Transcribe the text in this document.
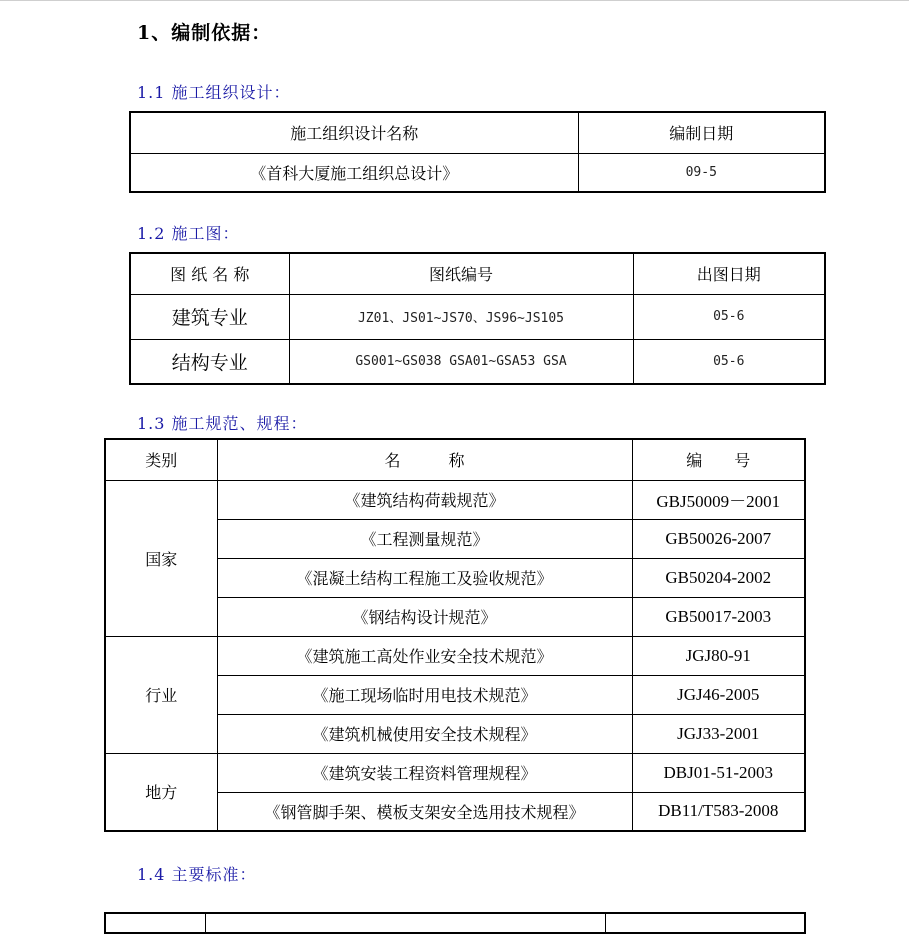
1、编制依据：
1.1 施工组织设计：
施工组织设计名称	编制日期
《首科大厦施工组织总设计》	09-5
1.2 施工图：
图 纸 名 称	图纸编号	出图日期
建筑专业	JZ01、JS01~JS70、JS96~JS105	05-6
结构专业	GS001~GS038 GSA01~GSA53 GSA	05-6
1.3 施工规范、规程：
类别	名　　　称	编　　号
国家	《建筑结构荷载规范》	GBJ50009－2001
	《工程测量规范》	GB50026-2007
	《混凝土结构工程施工及验收规范》	GB50204-2002
	《钢结构设计规范》	GB50017-2003
行业	《建筑施工高处作业安全技术规范》	JGJ80-91
	《施工现场临时用电技术规范》	JGJ46-2005
	《建筑机械使用安全技术规程》	JGJ33-2001
地方	《建筑安装工程资料管理规程》	DBJ01-51-2003
	《钢管脚手架、模板支架安全选用技术规程》	DB11/T583-2008
1.4 主要标准：
